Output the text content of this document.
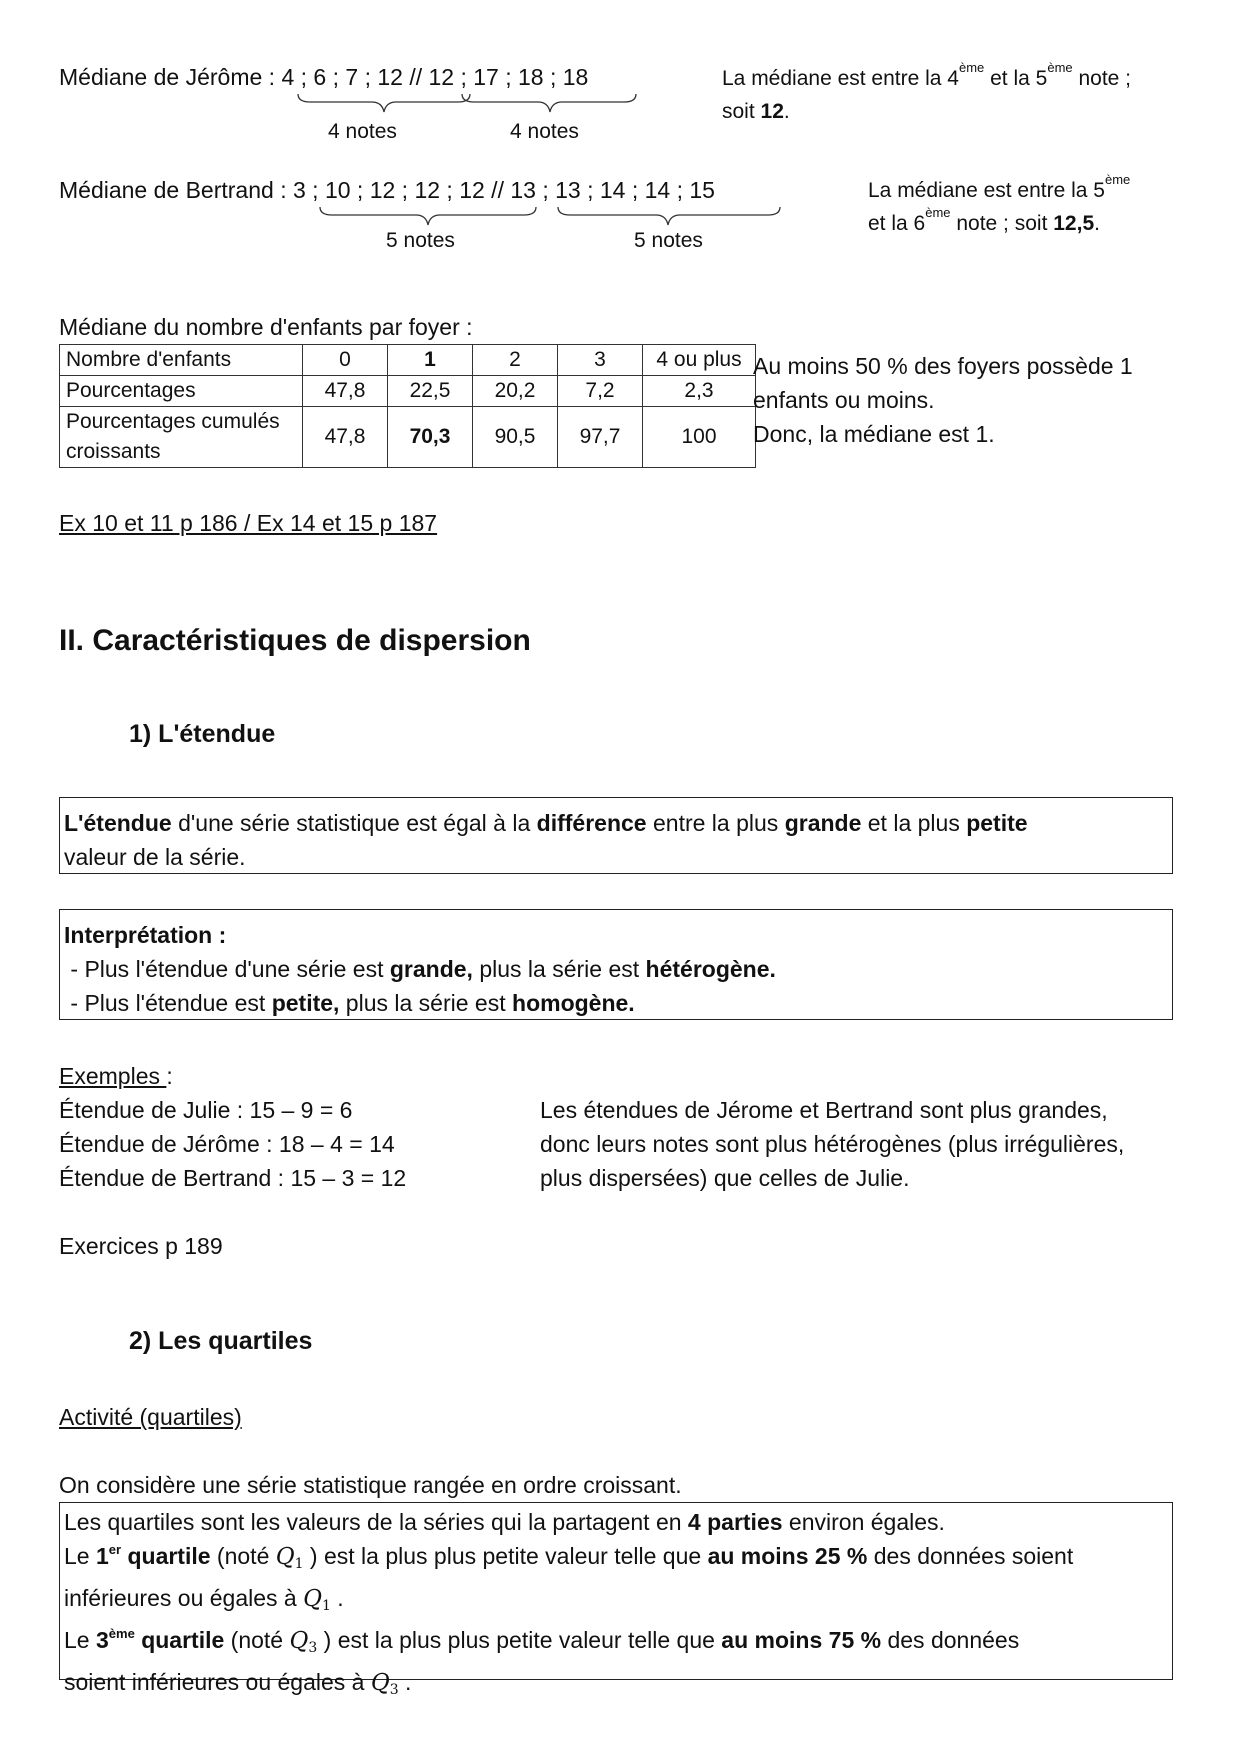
Médiane de Jérôme : 4 ; 6 ; 7 ; 12 // 12 ; 17 ; 18 ; 18
4 notes	4 notes
La médiane est entre la 4ème et la 5ème note ;
soit 12.
Médiane de Bertrand : 3 ; 10 ; 12 ; 12 ; 12 // 13 ; 13 ; 14 ; 14 ; 15
5 notes	5 notes
La médiane est entre la 5ème
et la 6ème note ; soit 12,5.
Médiane du nombre d'enfants par foyer :
Nombre d'enfants	0	1	2	3	4 ou plus
Pourcentages	47,8	22,5	20,2	7,2	2,3
Pourcentages cumulés
croissants	47,8	70,3	90,5	97,7	100
Au moins 50 % des foyers possède 1
enfants ou moins.
Donc, la médiane est 1.
Ex 10 et 11 p 186 / Ex 14 et 15 p 187
II. Caractéristiques de dispersion
1) L'étendue
L'étendue d'une série statistique est égal à la différence entre la plus grande et la plus petite
valeur de la série.
Interprétation :
- Plus l'étendue d'une série est grande, plus la série est hétérogène.
- Plus l'étendue est petite, plus la série est homogène.
Exemples :
Étendue de Julie : 15 – 9 = 6
Étendue de Jérôme : 18 – 4 = 14
Étendue de Bertrand : 15 – 3 = 12
Les étendues de Jérome et Bertrand sont plus grandes,
donc leurs notes sont plus hétérogènes (plus irrégulières,
plus dispersées) que celles de Julie.
Exercices p 189
2) Les quartiles
Activité (quartiles)
On considère une série statistique rangée en ordre croissant.
Les quartiles sont les valeurs de la séries qui la partagent en 4 parties environ égales.
Le 1er quartile (noté Q1 ) est la plus plus petite valeur telle que au moins 25 % des données soient
inférieures ou égales à Q1 .
Le 3ème quartile (noté Q3 ) est la plus plus petite valeur telle que au moins 75 % des données
soient inférieures ou égales à Q3 .
